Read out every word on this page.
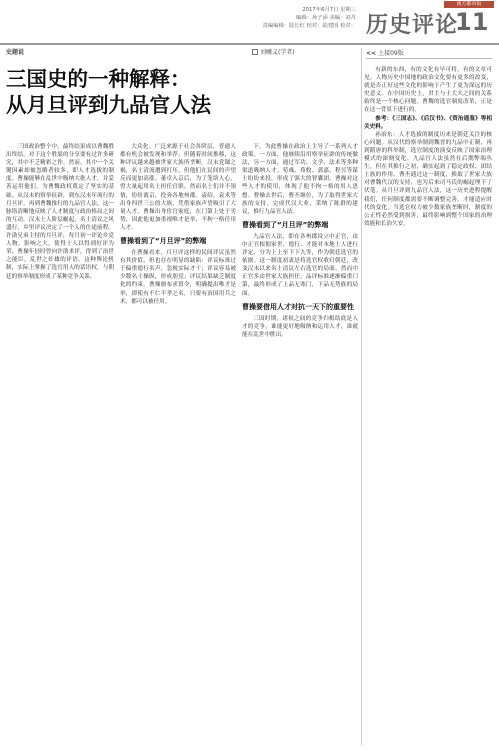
南方都市报
2017年6月7日 星期三
编辑：孙子添 美编：刘丹
责编编辑：陆长红 校对：陆建国 校对： 历史评论
11
史题说	刘曦义(学者)
三国史的一种解释：
从月旦评到九品官人法

三国政治整个中，最终结果成以曹魏胜出终结。对于这个胜果的分享要有过许多研究，其中不乏精彩之作。然而，其中一个关键因素却被忽略者较多，即人才选拔的制度。曹操能够在乱世中吸纳大批人才，并妥善运用他们，为曹魏政权奠定了坚实的基础。从汉末的察举征辟，到东汉末年流行的月旦评，再到曹魏推行的九品官人法，这一脉络清晰地反映了人才制度与政治格局之间的互动。汉末士人阶层崛起，名士清议之风盛行，乡里评议决定了一个人的仕途前程。许劭兄弟主持的月旦评，每月初一评论乡党人物，影响之大，使得士人以得到好评为荣。曹操年轻时曾向许劭求评，得到了治世之能臣，乱世之奸雄的评语。这种舆论机制，实际上掌握了选官用人的话语权，与朝廷的察举制度形成了某种竞争关系。

大众化。广泛来源于社会各阶层，普通人都有机会被发现和举荐。但随着时间推移，这种评议越来越被世家大族所垄断。汉末党锢之祸，名士清流遭到打压，但他们在民间的声望反而更加高涨。董卓入京后，为了笼络人心，曾大量起用名士担任官职。然而名士们并不领情，纷纷离京，投奔各地州郡。袁绍、袁术等出身四世三公的大族，凭借家族声望吸引了大量人才。曹操出身宦官家庭，在门第上处于劣势，因此他更加重视唯才是举，不拘一格任用人才。

曹操看到了“月旦评”的弊端

在曹操看来，月旦评这样的民间评议虽然有其价值，但也存在明显的缺陷：评议标准过于偏重德行名声，忽视实际才干；评议容易被少数名士操纵，形成朋党；评议结果缺乏制度化的约束。曹操颁布求贤令，明确提出唯才是举，即使有不仁不孝之名，只要有治国用兵之术，都可以被任用。

下，为此曹操在政治上主导了一系列人才政策。一方面，他继续沿用察举征辟的传统做法，另一方面，通过军功、文学、法术等多种渠道吸纳人才。荀彧、荀攸、郭嘉、程昱等谋士纷纷来投，形成了强大的智囊团。曹操对这些人才的使用，体现了他不拘一格的用人思想。曹操去世后，曹丕继位，为了取得世家大族的支持，完成代汉大业，采纳了陈群的建议，推行九品官人法。

曹操看到了“月旦评”的弊端

九品官人法，即在各州郡设立中正官，由中正官根据家世、德行、才能对本地士人进行评定，分为上上至下下九等，作为朝廷选官的依据。这一制度初衷是将选官权收归朝廷，改变汉末以来名士清议左右选官的局面。然而中正官多由世家大族担任，品评标准逐渐偏重门第，最终形成了上品无寒门，下品无势族的局面。

曹操要借用人才对抗一天下的重要性

三国时期，诸侯之间的竞争归根结底是人才的竞争。谁能更好地吸纳和运用人才，谁就能在乱世中胜出。

<< 上接09版

有新的东西，有的文化有早可将，有的文章可见。人物历史中国地的政治文化要有更多的改变，就是否正好这些文化的影响下产生了更为深远的历史意义。在中国历史上，君主与士大夫之间的关系始终是一个核心问题。曹魏的选官制度改革，正是在这一背景下进行的。

参考：《三国志》、《后汉书》、《资治通鉴》等相关史料。

孙治东：人才选拔的制度历来是朝廷关注的核心问题。从汉代的察举制到魏晋的九品中正制，再到隋唐的科举制，选官制度的演变反映了国家治理模式的深刻变化。九品官人法虽然在后期弊端丛生，但在其推行之初，确实起到了稳定政权、团结士族的作用。曹丕通过这一制度，换取了世家大族对曹魏代汉的支持，也为后来司马氏的崛起埋下了伏笔。从月旦评到九品官人法，这一历史进程提醒我们，任何制度都需要不断调整完善，才能适应时代的变化。当选官权力被少数家族垄断时，制度的公正性必然受到损害，最终影响到整个国家的治理效能和长治久安。
